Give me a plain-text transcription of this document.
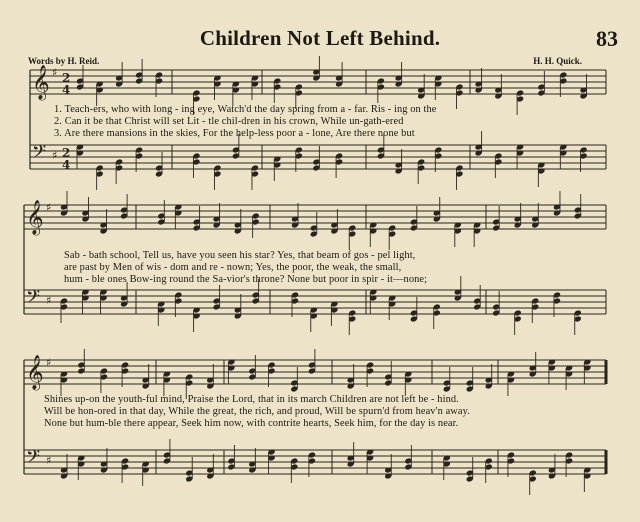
Children Not Left Behind.	83
Words by H. Reid.	H. H. Quick.
𝄞 ♯ 2
4
𝄢 ♯ 2
4
𝄞 ♯
𝄢 ♯
𝄞 ♯
𝄢 ♯
1. Teach-ers, who with long - ing eye, Watch'd the day spring from a - far. Ris - ing on the
2. Can it be that Christ will set Lit - tle chil-dren in his crown, While un-gath-ered
3. Are there mansions in the skies, For the help-less poor a - lone, Are there none but
Sab - bath school, Tell us, have you seen his star? Yes, that beam of gos - pel light,
are past by Men of wis - dom and re - nown; Yes, the poor, the weak, the small,
hum - ble ones Bow-ing round the Sa-vior's throne? None but poor in spir - it—none;
Shines up-on the youth-ful mind, Praise the Lord, that in its march Children are not left be - hind.
Will be hon-ored in that day, While the great, the rich, and proud, Will be spurn'd from heav'n away.
None but hum-ble there appear, Seek him now, with contrite hearts, Seek him, for the day is near.
